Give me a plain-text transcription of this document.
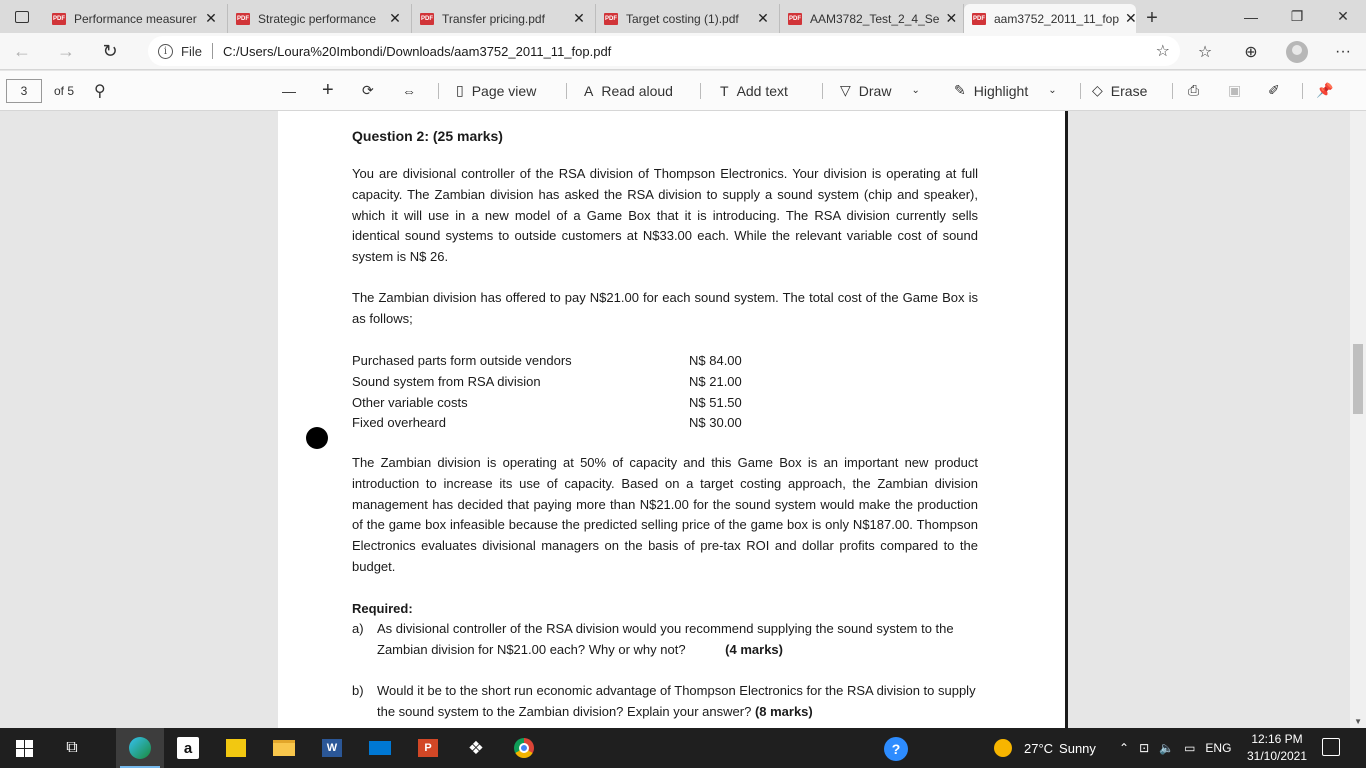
PDF Performance measurer ✕	PDF Strategic performance ✕	PDF Transfer pricing.pdf	✕	PDF Target costing (1).pdf	✕	PDF AAM3782_Test_2_4_Se ✕	PDF aam3752_2011_11_fop ✕ +	—	❐	✕
←	→	↻	i	File C:/Users/Loura%20Imbondi/Downloads/aam3752_2011_11_fop.pdf	☆	☆	⊕	···
3	of 5 ⚲	— + ⟳ ⇔	▯ Page view	A Read aloud	T Add text	▽ Draw ⌄ ✎ Highlight ⌄	◇ Erase	⎙ ▣ ✐	📌
Question 2: (25 marks)
You are divisional controller of the RSA division of Thompson Electronics. Your division is operating at full capacity. The Zambian division has asked the RSA division to supply a sound system (chip and speaker), which it will use in a new model of a Game Box that it is introducing. The RSA division currently sells identical sound systems to outside customers at N$33.00 each. While the relevant variable cost of sound system is N$ 26.
The Zambian division has offered to pay N$21.00 for each sound system. The total cost of the Game Box is as follows;
Purchased parts form outside vendors	N$ 84.00
Sound system from RSA division	N$ 21.00
Other variable costs	N$ 51.50
Fixed overheard	N$ 30.00
The Zambian division is operating at 50% of capacity and this Game Box is an important new product introduction to increase its use of capacity. Based on a target costing approach, the Zambian division management has decided that paying more than N$21.00 for the sound system would make the production of the game box infeasible because the predicted selling price of the game box is only N$187.00. Thompson Electronics evaluates divisional managers on the basis of pre-tax ROI and dollar profits compared to the budget.
Required:
a) As divisional controller of the RSA division would you recommend supplying the sound system to the Zambian division for N$21.00 each? Why or why not?	(4 marks)
b) Would it be to the short run economic advantage of Thompson Electronics for the RSA division to supply the sound system to the Zambian division? Explain your answer? (8 marks)
▼
⧉	a	W	P	❖	?	27°C Sunny ⌃ ⊡ 🔈 ▭ ENG
12:16 PM
31/10/2021
